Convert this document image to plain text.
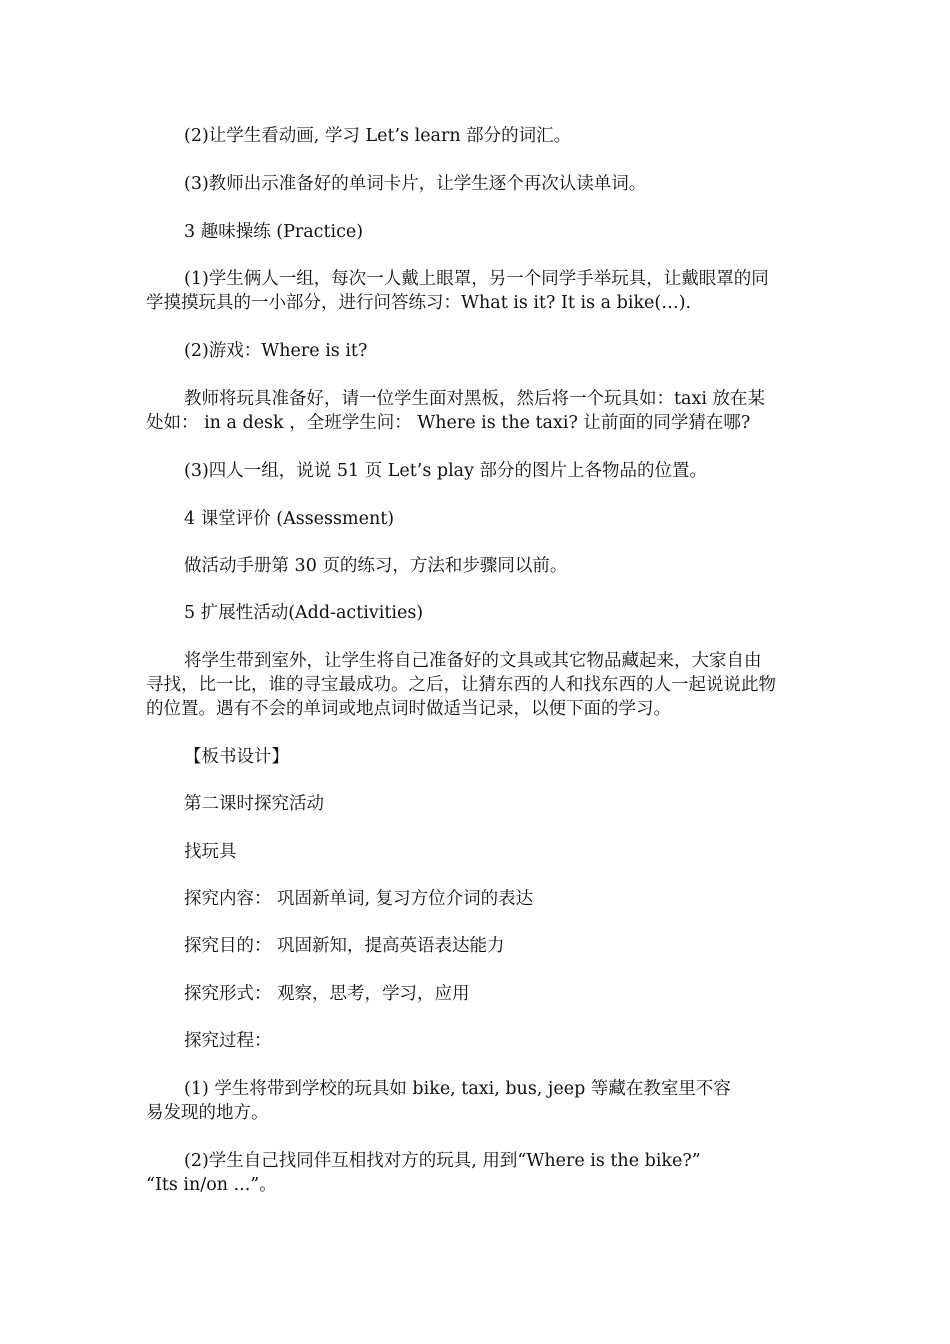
(2)让学生看动画, 学习 Let’s learn 部分的词汇。

(3)教师出示准备好的单词卡片，让学生逐个再次认读单词。

3 趣味操练 (Practice)

(1)学生俩人一组，每次一人戴上眼罩，另一个同学手举玩具，让戴眼罩的同
学摸摸玩具的一小部分，进行问答练习：What is it? It is a bike(…).

(2)游戏：Where is it?

教师将玩具准备好，请一位学生面对黑板，然后将一个玩具如：taxi 放在某
处如： in a desk ，全班学生问： Where is the taxi? 让前面的同学猜在哪?

(3)四人一组，说说 51 页 Let’s play 部分的图片上各物品的位置。

4 课堂评价 (Assessment)

做活动手册第 30 页的练习，方法和步骤同以前。

5 扩展性活动(Add-activities)

将学生带到室外，让学生将自己准备好的文具或其它物品藏起来，大家自由
寻找，比一比，谁的寻宝最成功。之后，让猜东西的人和找东西的人一起说说此物
的位置。遇有不会的单词或地点词时做适当记录，以便下面的学习。

【板书设计】

第二课时探究活动

找玩具

探究内容： 巩固新单词, 复习方位介词的表达

探究目的： 巩固新知，提高英语表达能力

探究形式： 观察，思考，学习，应用

探究过程：

(1) 学生将带到学校的玩具如 bike, taxi, bus, jeep 等藏在教室里不容
易发现的地方。

(2)学生自己找同伴互相找对方的玩具, 用到“Where is the bike?”
“Its in/on ...”。
